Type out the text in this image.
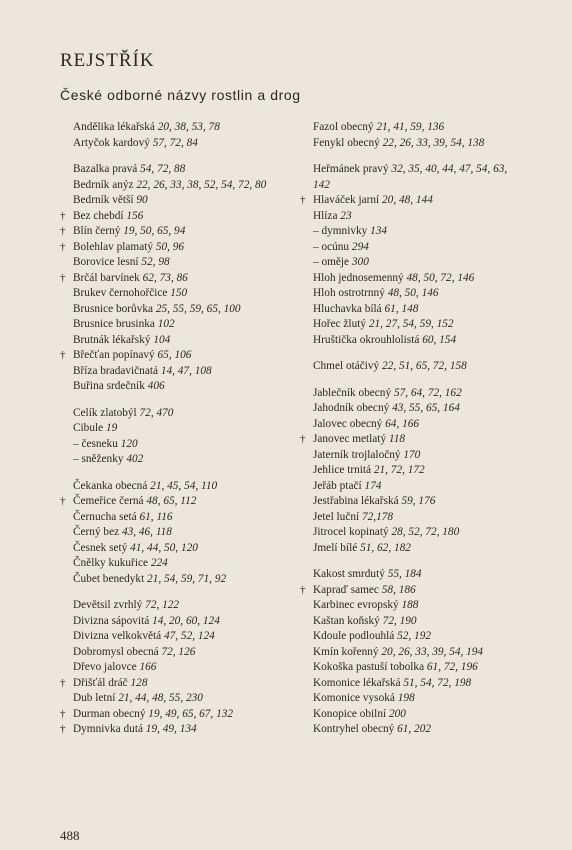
REJSTŘÍK
České odborné názvy rostlin a drog
Andělika lékařská 20, 38, 53, 78
Artyčok kardový 57, 72, 84
Bazalka pravá 54, 72, 88
Bedrník anýz 22, 26, 33, 38, 52, 54, 72, 80
Bedrník větší 90
† Bez chebdí 156
† Blín černý 19, 50, 65, 94
† Bolehlav plamatý 50, 96
Borovice lesní 52, 98
† Brčál barvínek 62, 73, 86
Brukev černohořčice 150
Brusnice borůvka 25, 55, 59, 65, 100
Brusnice brusinka 102
Brutnák lékařský 104
† Břečťan popínavý 65, 106
Bříza bradavičnatá 14, 47, 108
Buřina srdečník 406
Celík zlatobýl 72, 470
Cibule 19
– česneku 120
– sněženky 402
Čekanka obecná 21, 45, 54, 110
† Čemeřice černá 48, 65, 112
Černucha setá 61, 116
Černý bez 43, 46, 118
Česnek setý 41, 44, 50, 120
Čnělky kukuřice 224
Čubet benedykt 21, 54, 59, 71, 92
Devětsil zvrhlý 72, 122
Divizna sápovitá 14, 20, 60, 124
Divizna velkokvětá 47, 52, 124
Dobromysl obecná 72, 126
Dřevo jalovce 166
† Dřišťál dráč 128
Dub letní 21, 44, 48, 55, 230
† Durman obecný 19, 49, 65, 67, 132
† Dymnivka dutá 19, 49, 134
Fazol obecný 21, 41, 59, 136
Fenykl obecný 22, 26, 33, 39, 54, 138
Heřmánek pravý 32, 35, 40, 44, 47, 54, 63,
142
† Hlaváček jarní 20, 48, 144
Hlíza 23
– dymnivky 134
– ocúnu 294
– oměje 300
Hloh jednosemenný 48, 50, 72, 146
Hloh ostrotrnný 48, 50, 146
Hluchavka bílá 61, 148
Hořec žlutý 21, 27, 54, 59, 152
Hruštička okrouhlolistá 60, 154
Chmel otáčivý 22, 51, 65, 72, 158
Jablečník obecný 57, 64, 72, 162
Jahodník obecný 43, 55, 65, 164
Jalovec obecný 64, 166
† Janovec metlatý 118
Jaterník trojlaločný 170
Jehlice trnitá 21, 72, 172
Jeřáb ptačí 174
Jestřabina lékařská 59, 176
Jetel luční 72,178
Jitrocel kopinatý 28, 52, 72, 180
Jmelí bílé 51, 62, 182
Kakost smrdutý 55, 184
† Kapraď samec 58, 186
Karbinec evropský 188
Kaštan koňský 72, 190
Kdoule podlouhlá 52, 192
Kmín kořenný 20, 26, 33, 39, 54, 194
Kokoška pastuší tobolka 61, 72, 196
Komonice lékařská 51, 54, 72, 198
Komonice vysoká 198
Konopice obilní 200
Kontryhel obecný 61, 202
488
